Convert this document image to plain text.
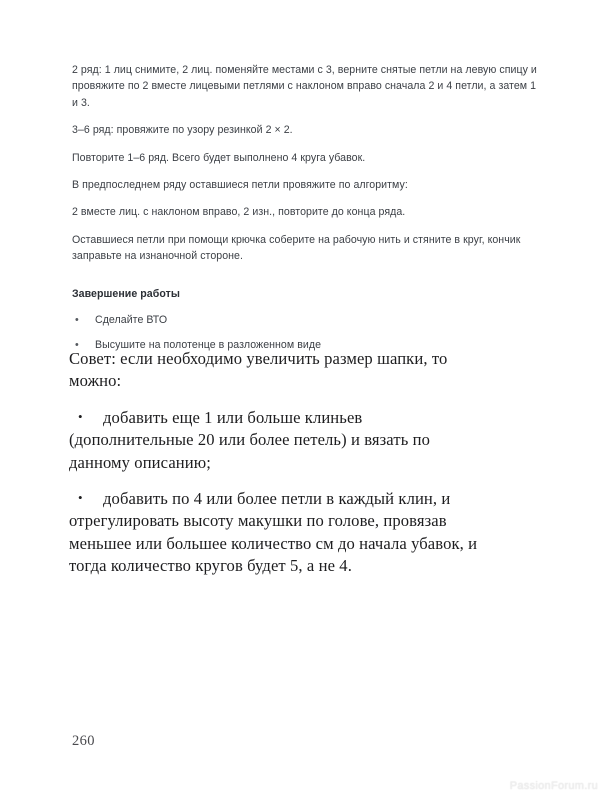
2 ряд: 1 лиц снимите, 2 лиц. поменяйте местами с 3, верните снятые петли на левую спицу и провяжите по 2 вместе лицевыми петлями с наклоном вправо сначала 2 и 4 петли, а затем 1 и 3.

3–6 ряд: провяжите по узору резинкой 2 × 2.

Повторите 1–6 ряд. Всего будет выполнено 4 круга убавок.

В предпоследнем ряду оставшиеся петли провяжите по алгоритму:

2 вместе лиц. с наклоном вправо, 2 изн., повторите до конца ряда.

Оставшиеся петли при помощи крючка соберите на рабочую нить и стяните в круг, кончик заправьте на изнаночной стороне.

Завершение работы
• Сделайте ВТО
• Высушите на полотенце в разложенном виде

Совет: если необходимо увеличить размер шапки, то можно:

• добавить еще 1 или больше клиньев (дополнительные 20 или более петель) и вязать по данному описанию;
• добавить по 4 или более петли в каждый клин, и отрегулировать высоту макушки по голове, провязав меньшее или большее количество см до начала убавок, и тогда количество кругов будет 5, а не 4.
260
PassionForum.ru
